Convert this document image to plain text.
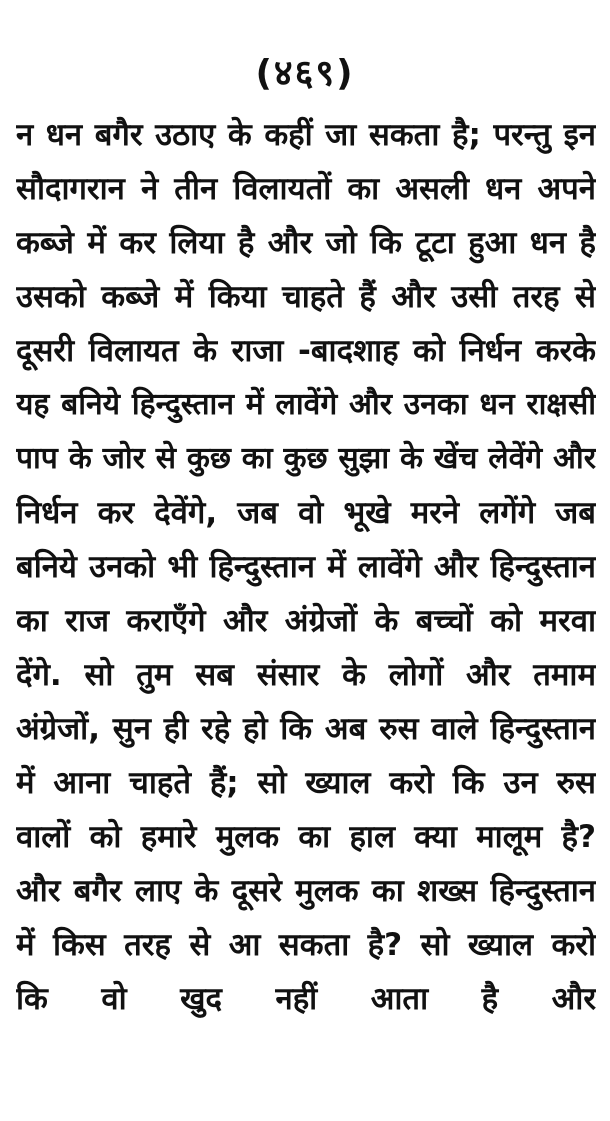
(४६९)
न धन बगैर उठाए के कहीं जा सकता है; परन्तु इन
सौदागरान ने तीन विलायतों का असली धन अपने
कब्जे में कर लिया है और जो कि टूटा हुआ धन है
उसको कब्जे में किया चाहते हैं और उसी तरह से
दूसरी विलायत के राजा -बादशाह को निर्धन करके
यह बनिये हिन्दुस्तान में लावेंगे और उनका धन राक्षसी
पाप के जोर से कुछ का कुछ सुझा के खेंच लेवेंगे और
निर्धन कर देवेंगे, जब वो भूखे मरने लगेंगे जब
बनिये उनको भी हिन्दुस्तान में लावेंगे और हिन्दुस्तान
का राज कराएँगे और अंग्रेजों के बच्चों को मरवा
देंगे. सो तुम सब संसार के लोगों और तमाम
अंग्रेजों, सुन ही रहे हो कि अब रुस वाले हिन्दुस्तान
में आना चाहते हैं; सो ख्याल करो कि उन रुस
वालों को हमारे मुलक का हाल क्या मालूम है?
और बगैर लाए के दूसरे मुलक का शख्स हिन्दुस्तान
में किस तरह से आ सकता है? सो ख्याल करो
कि वो खुद नहीं आता है और
